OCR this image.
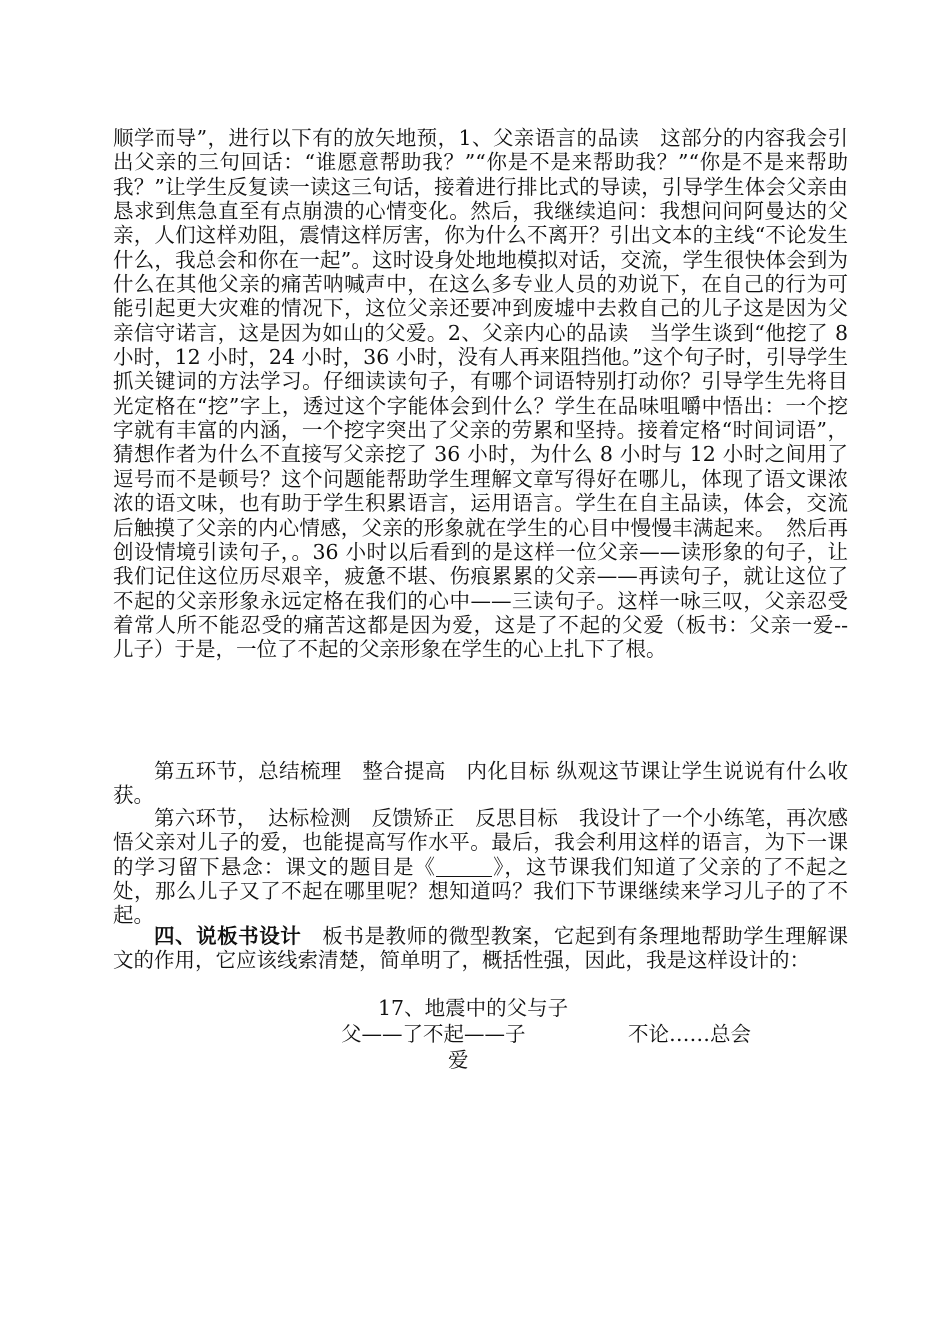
顺学而导”，进行以下有的放矢地预，1、父亲语言的品读　这部分的内容我会引出父亲的三句回话：“谁愿意帮助我？”“你是不是来帮助我？”“你是不是来帮助我？”让学生反复读一读这三句话，接着进行排比式的导读，引导学生体会父亲由恳求到焦急直至有点崩溃的心情变化。然后，我继续追问：我想问问阿曼达的父亲，人们这样劝阻，震情这样厉害，你为什么不离开？引出文本的主线“不论发生什么，我总会和你在一起”。这时设身处地地模拟对话，交流，学生很快体会到为什么在其他父亲的痛苦呐喊声中，在这么多专业人员的劝说下，在自己的行为可能引起更大灾难的情况下，这位父亲还要冲到废墟中去救自己的儿子这是因为父亲信守诺言，这是因为如山的父爱。2、父亲内心的品读　当学生谈到“他挖了 8 小时，12 小时，24 小时，36 小时，没有人再来阻挡他。”这个句子时，引导学生抓关键词的方法学习。仔细读读句子，有哪个词语特别打动你？引导学生先将目光定格在“挖”字上，透过这个字能体会到什么？学生在品味咀嚼中悟出：一个挖字就有丰富的内涵，一个挖字突出了父亲的劳累和坚持。接着定格“时间词语”，猜想作者为什么不直接写父亲挖了 36 小时，为什么 8 小时与 12 小时之间用了逗号而不是顿号？这个问题能帮助学生理解文章写得好在哪儿，体现了语文课浓浓的语文味，也有助于学生积累语言，运用语言。学生在自主品读，体会，交流后触摸了父亲的内心情感，父亲的形象就在学生的心目中慢慢丰满起来。　然后再创设情境引读句子，。36 小时以后看到的是这样一位父亲——读形象的句子，让我们记住这位历尽艰辛，疲惫不堪、伤痕累累的父亲——再读句子，就让这位了不起的父亲形象永远定格在我们的心中——三读句子。这样一咏三叹，父亲忍受着常人所不能忍受的痛苦这都是因为爱，这是了不起的父爱（板书：父亲一爱-- 儿子）于是，一位了不起的父亲形象在学生的心上扎下了根。

第五环节，总结梳理　整合提高　内化目标 纵观这节课让学生说说有什么收获。

第六环节，　达标检测　反馈矫正　反思目标　我设计了一个小练笔，再次感悟父亲对儿子的爱，也能提高写作水平。最后，我会利用这样的语言，为下一课的学习留下悬念：课文的题目是《	》，这节课我们知道了父亲的了不起之处，那么儿子又了不起在哪里呢？想知道吗？我们下节课继续来学习儿子的了不起。

四、说板书设计　板书是教师的微型教案，它起到有条理地帮助学生理解课文的作用，它应该线索清楚，简单明了，概括性强，因此，我是这样设计的：

17、地震中的父与子
父——了不起——子	不论……总会
爱
